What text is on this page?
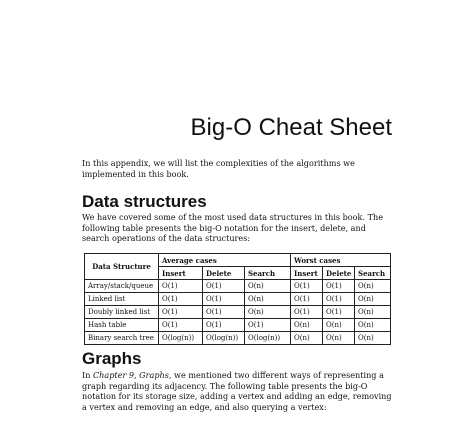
Big-O Cheat Sheet

In this appendix, we will list the complexities of the algorithms we implemented in this book.

Data structures

We have covered some of the most used data structures in this book. The following table presents the big-O notation for the insert, delete, and search operations of the data structures:

Data Structure	Average cases			Worst cases		
	Insert	Delete	Search	Insert	Delete	Search
Array/stack/queue	O(1)	O(1)	O(n)	O(1)	O(1)	O(n)
Linked list	O(1)	O(1)	O(n)	O(1)	O(1)	O(n)
Doubly linked list	O(1)	O(1)	O(n)	O(1)	O(1)	O(n)
Hash table	O(1)	O(1)	O(1)	O(n)	O(n)	O(n)
Binary search tree	O(log(n))	O(log(n))	O(log(n))	O(n)	O(n)	O(n)
Graphs

In Chapter 9, Graphs, we mentioned two different ways of representing a graph regarding its adjacency. The following table presents the big-O notation for its storage size, adding a vertex and adding an edge, removing a vertex and removing an edge, and also querying a vertex:
